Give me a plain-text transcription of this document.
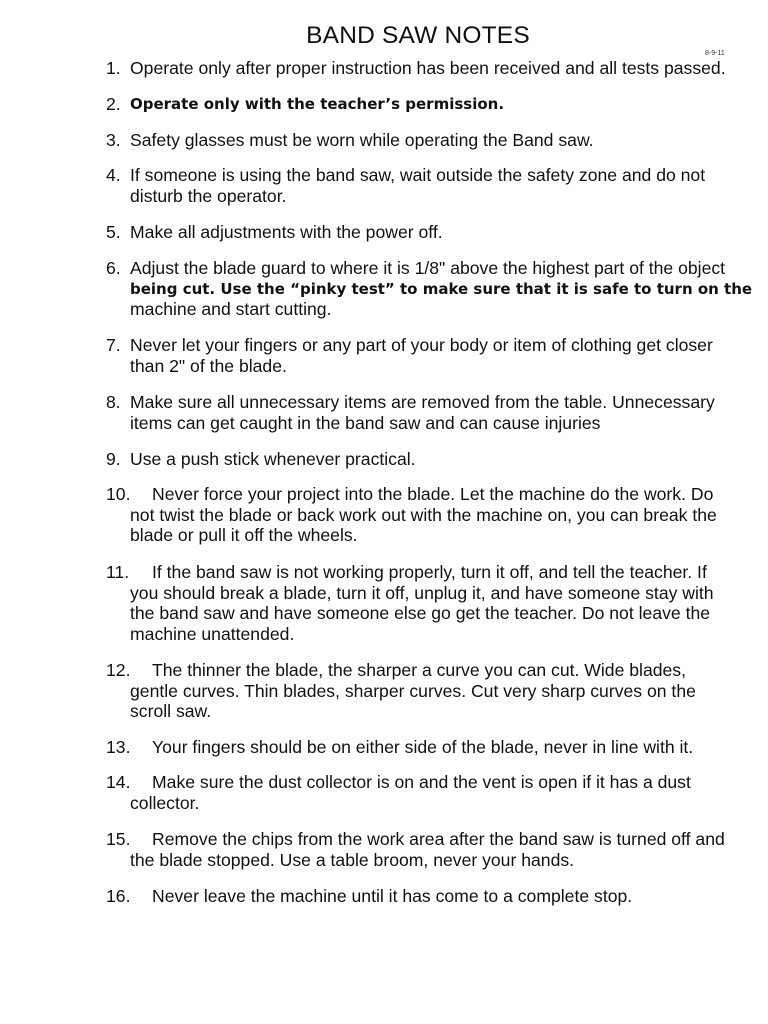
BAND SAW NOTES
8-9-11
1. Operate only after proper instruction has been received and all tests passed.
2. Operate only with the teacher’s permission.
3. Safety glasses must be worn while operating the Band saw.
4. If someone is using the band saw, wait outside the safety zone and do not
disturb the operator.
5. Make all adjustments with the power off.
6. Adjust the blade guard to where it is 1/8" above the highest part of the object
being cut. Use the “pinky test” to make sure that it is safe to turn on the
machine and start cutting.
7. Never let your fingers or any part of your body or item of clothing get closer
than 2" of the blade.
8. Make sure all unnecessary items are removed from the table. Unnecessary
items can get caught in the band saw and can cause injuries
9. Use a push stick whenever practical.
10.	Never force your project into the blade. Let the machine do the work. Do
not twist the blade or back work out with the machine on, you can break the
blade or pull it off the wheels.
11.	If the band saw is not working properly, turn it off, and tell the teacher. If
you should break a blade, turn it off, unplug it, and have someone stay with
the band saw and have someone else go get the teacher. Do not leave the
machine unattended.
12.	The thinner the blade, the sharper a curve you can cut. Wide blades,
gentle curves. Thin blades, sharper curves. Cut very sharp curves on the
scroll saw.
13.	Your fingers should be on either side of the blade, never in line with it.
14.	Make sure the dust collector is on and the vent is open if it has a dust
collector.
15.	Remove the chips from the work area after the band saw is turned off and
the blade stopped. Use a table broom, never your hands.
16.	Never leave the machine until it has come to a complete stop.
